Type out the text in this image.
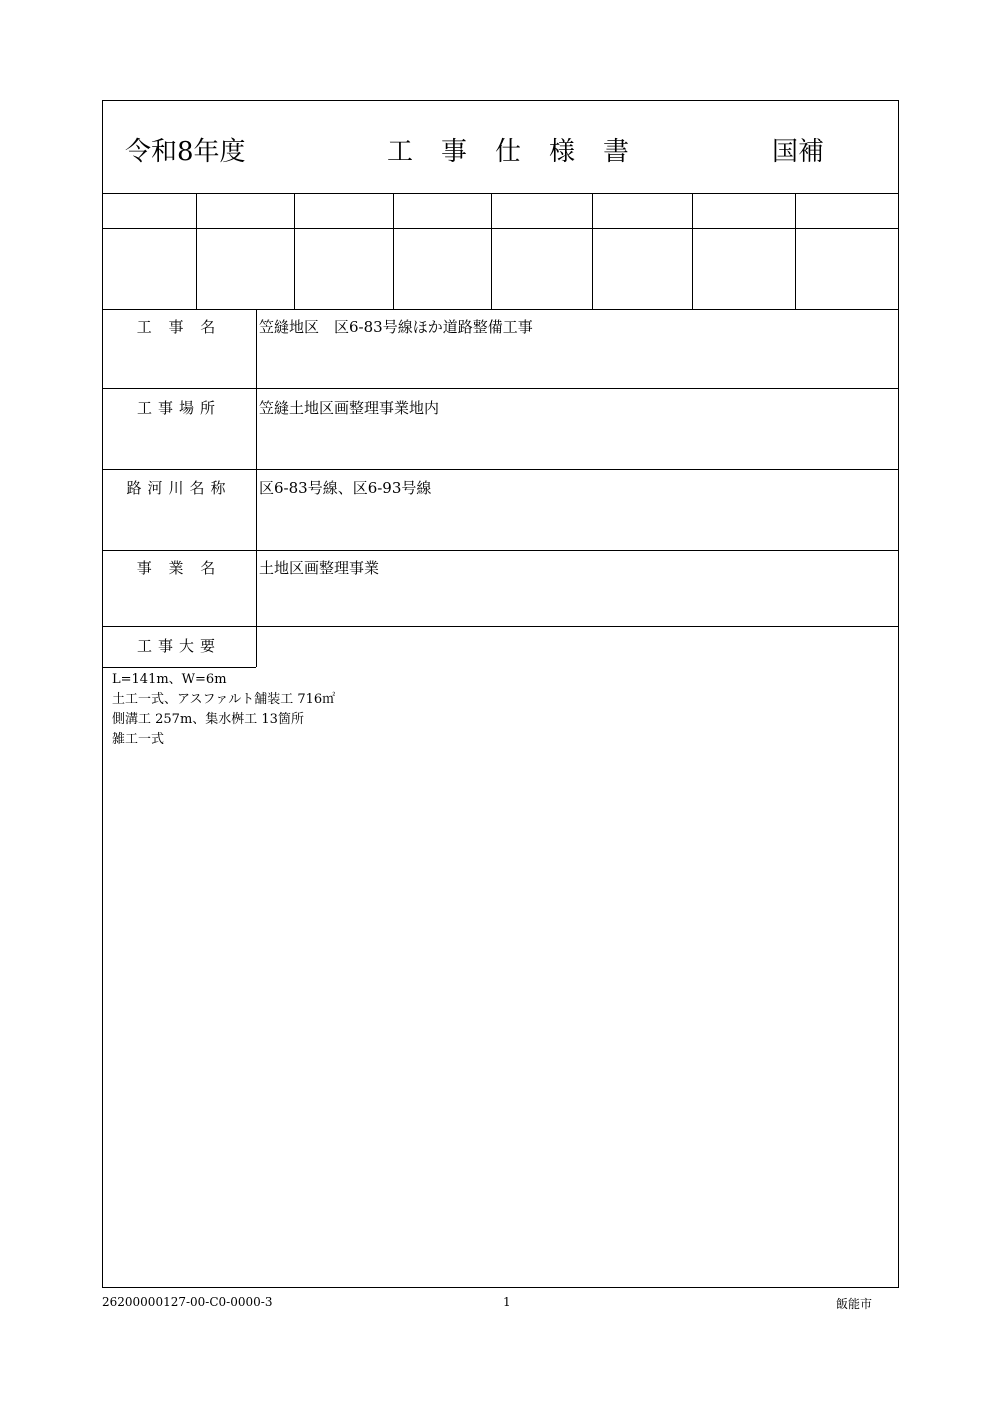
令和8年度	工事仕様書	国補
工 事 名	笠縫地区　区6-83号線ほか道路整備工事
工事場所	笠縫土地区画整理事業地内
路河川名称	区6-83号線、区6-93号線
事 業 名	土地区画整理事業
工事大要
L=141m、W=6m
土工一式、アスファルト舗装工 716㎡
側溝工 257m、集水桝工 13箇所
雑工一式
26200000127-00-C0-0000-3	1	飯能市
